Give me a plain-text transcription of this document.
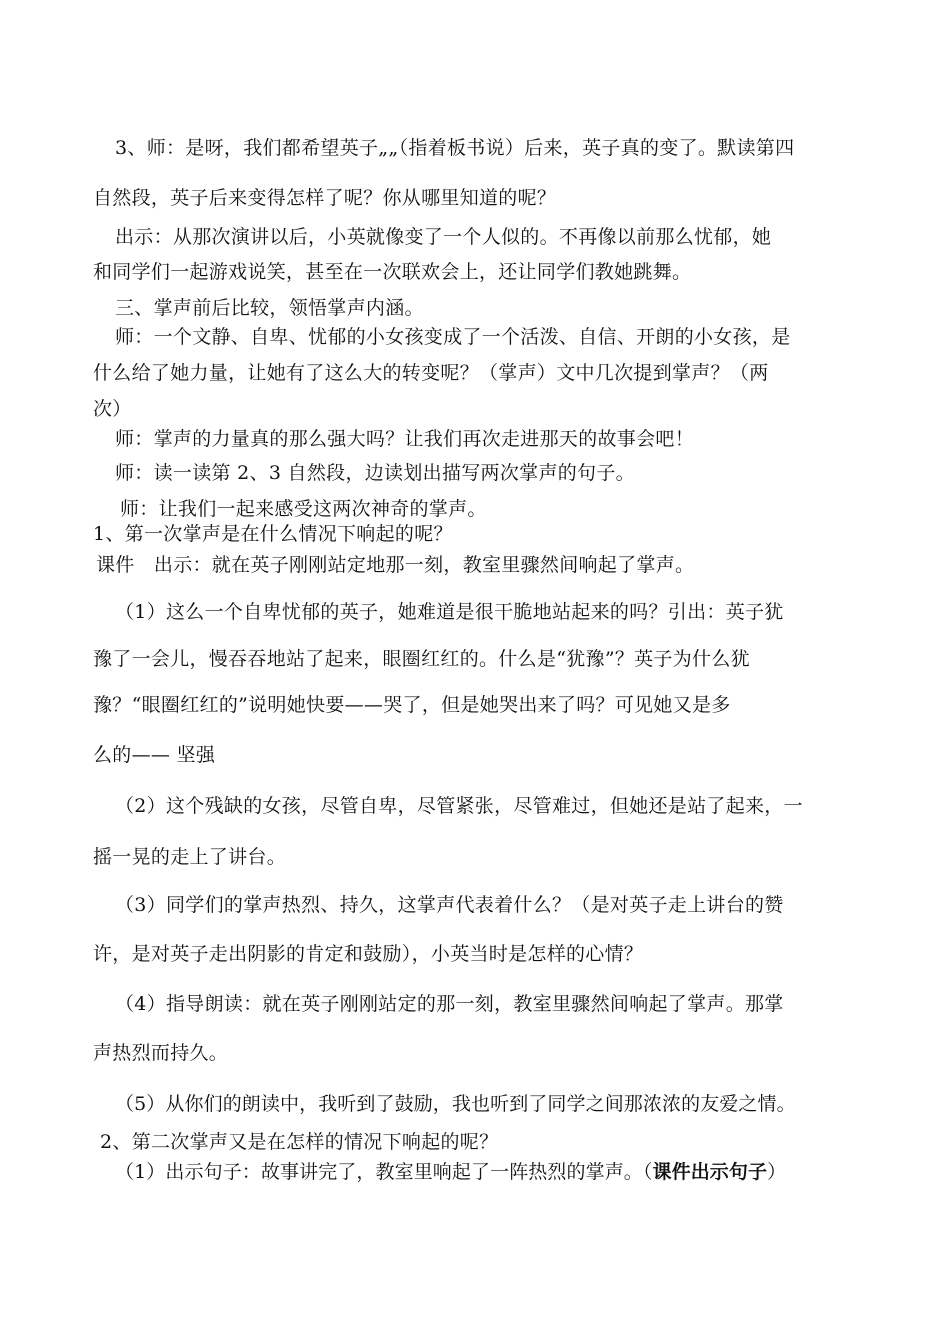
3、师：是呀，我们都希望英子„„（指着板书说）后来，英子真的变了。默读第四
自然段，英子后来变得怎样了呢？你从哪里知道的呢？
出示：从那次演讲以后，小英就像变了一个人似的。不再像以前那么忧郁，她
和同学们一起游戏说笑，甚至在一次联欢会上，还让同学们教她跳舞。
三、掌声前后比较，领悟掌声内涵。
师：一个文静、自卑、忧郁的小女孩变成了一个活泼、自信、开朗的小女孩，是
什么给了她力量，让她有了这么大的转变呢？（掌声）文中几次提到掌声？（两
次）
师：掌声的力量真的那么强大吗？让我们再次走进那天的故事会吧！
师：读一读第 2、3 自然段，边读划出描写两次掌声的句子。
师：让我们一起来感受这两次神奇的掌声。
1、第一次掌声是在什么情况下响起的呢？
课件　出示：就在英子刚刚站定地那一刻，教室里骤然间响起了掌声。
（1）这么一个自卑忧郁的英子，她难道是很干脆地站起来的吗？引出：英子犹
豫了一会儿，慢吞吞地站了起来，眼圈红红的。什么是“犹豫”？英子为什么犹
豫？“眼圈红红的”说明她快要——哭了，但是她哭出来了吗？可见她又是多
么的—— 坚强
（2）这个残缺的女孩，尽管自卑，尽管紧张，尽管难过，但她还是站了起来，一
摇一晃的走上了讲台。
（3）同学们的掌声热烈、持久，这掌声代表着什么？（是对英子走上讲台的赞
许，是对英子走出阴影的肯定和鼓励），小英当时是怎样的心情？
（4）指导朗读：就在英子刚刚站定的那一刻，教室里骤然间响起了掌声。那掌
声热烈而持久。
（5）从你们的朗读中，我听到了鼓励，我也听到了同学之间那浓浓的友爱之情。
2、第二次掌声又是在怎样的情况下响起的呢？
（1）出示句子：故事讲完了，教室里响起了一阵热烈的掌声。（课件出示句子）
